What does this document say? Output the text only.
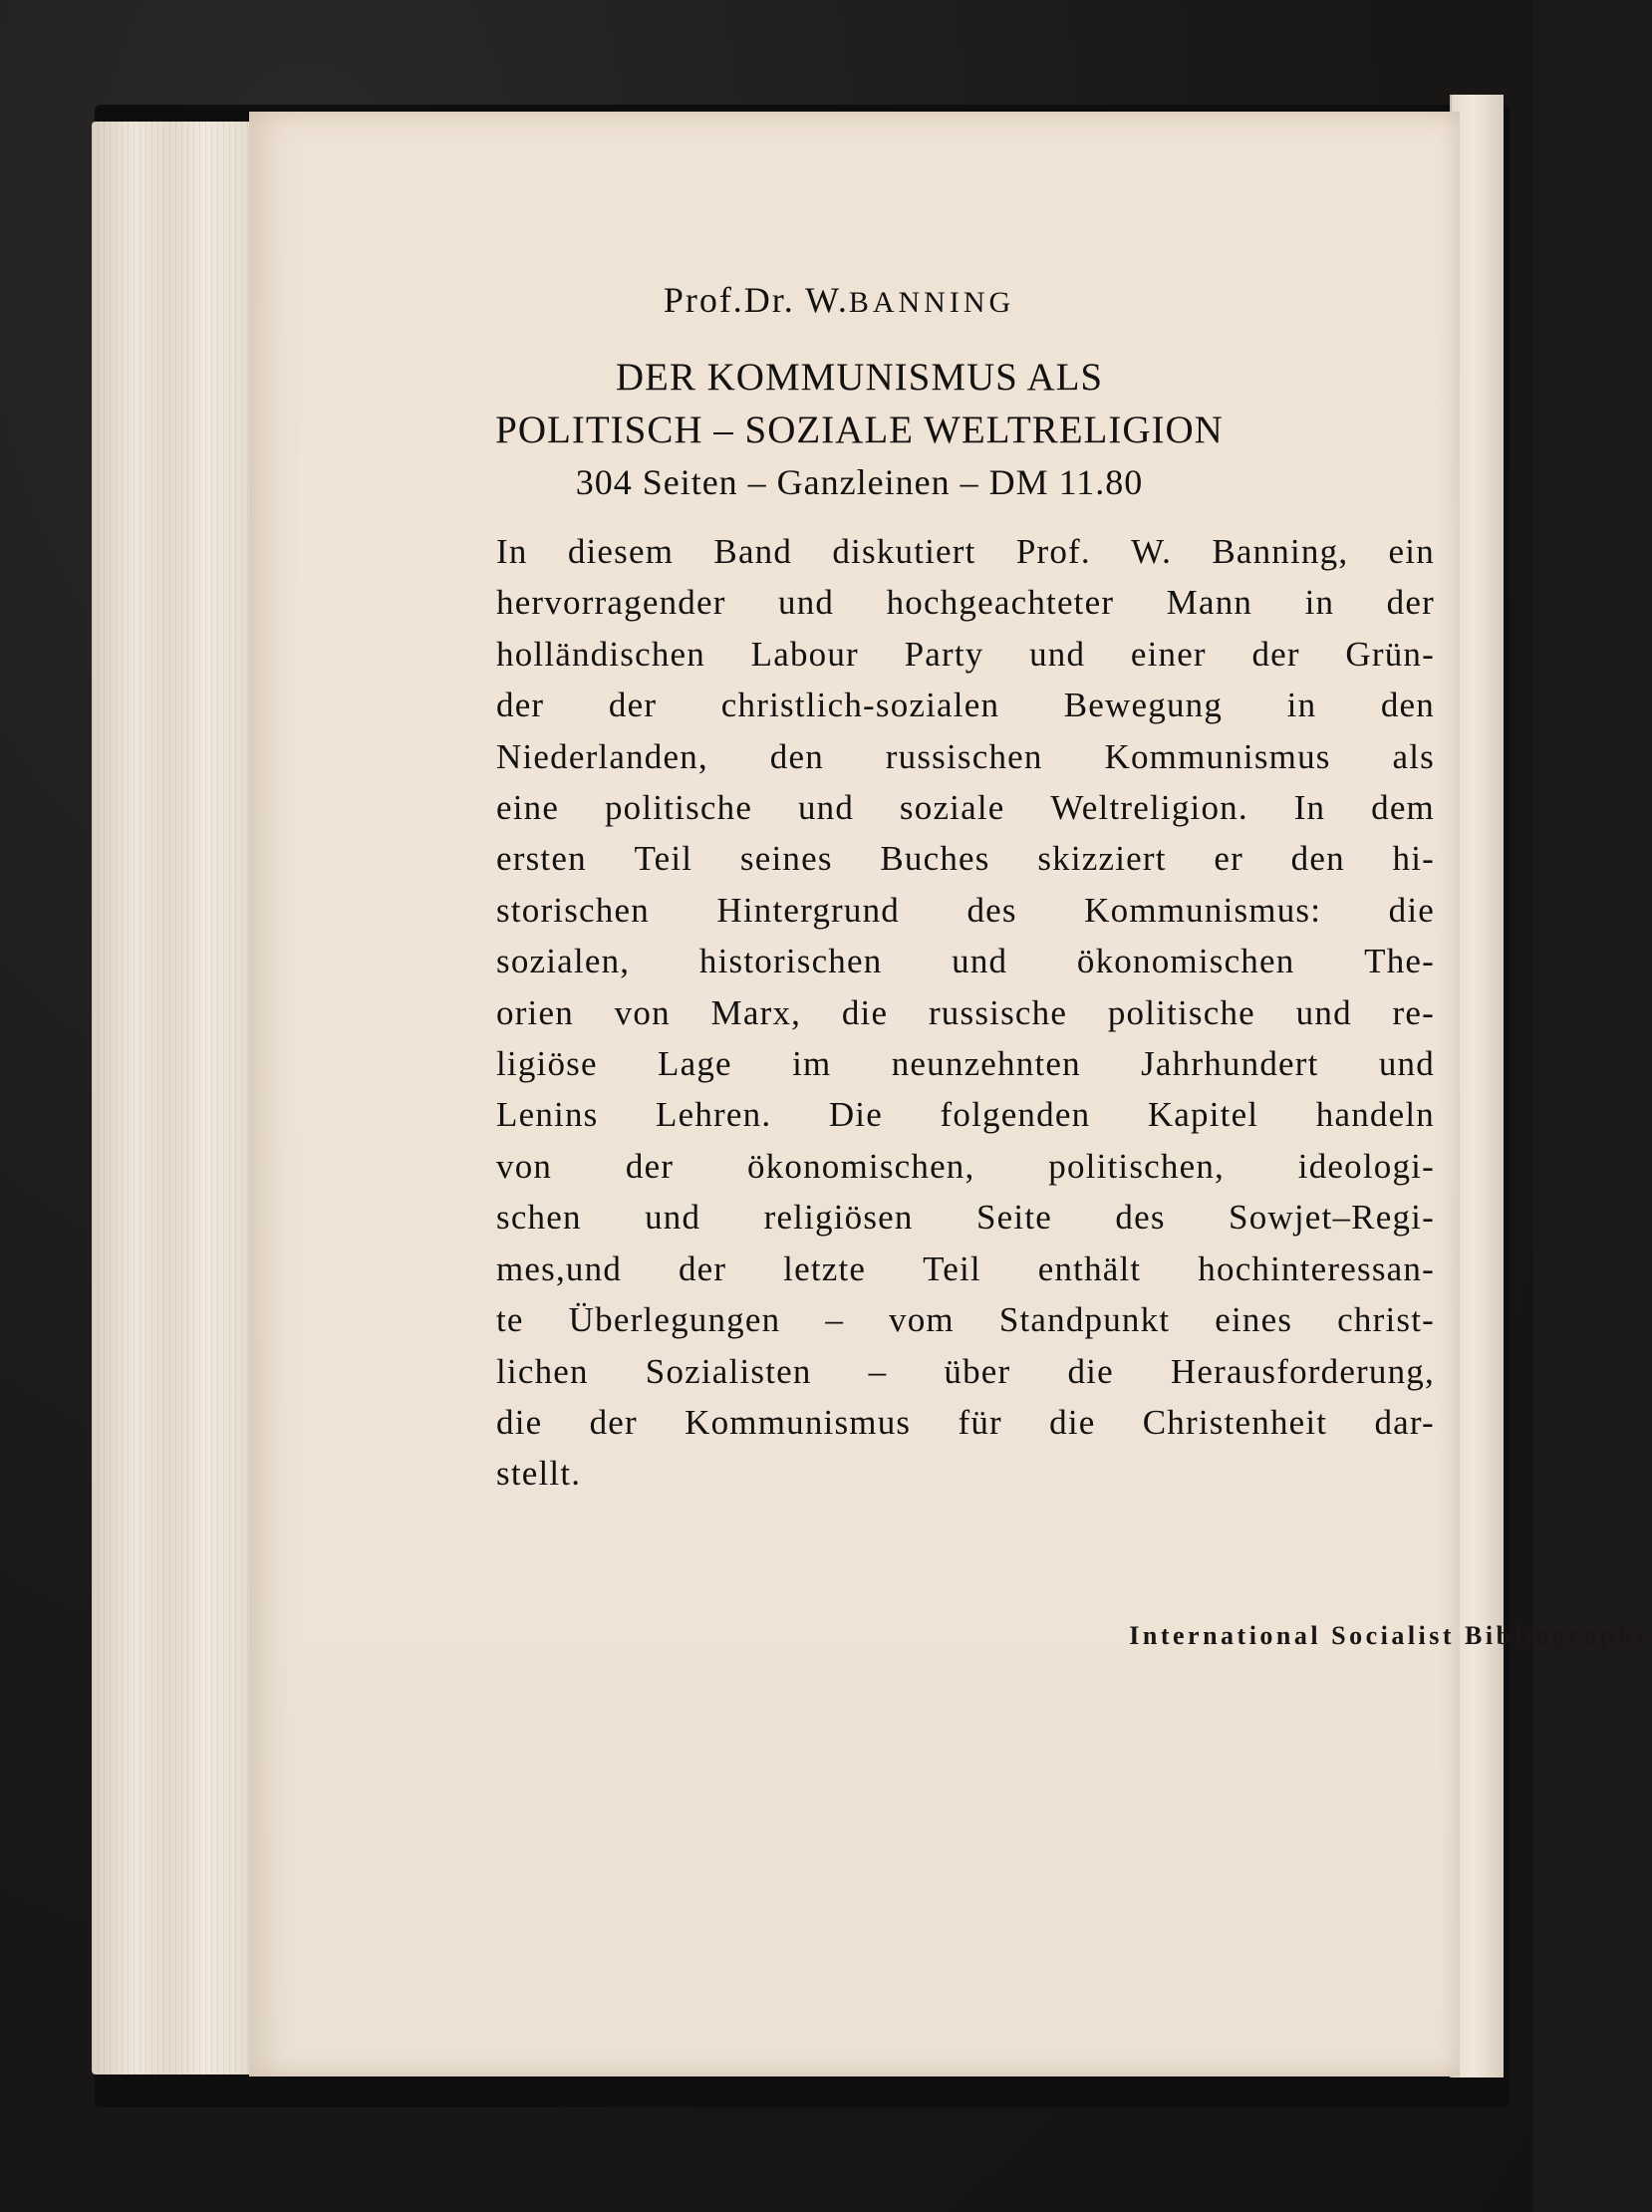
Prof.Dr. W.BANNING
DER KOMMUNISMUS ALS
POLITISCH – SOZIALE WELTRELIGION
304 Seiten – Ganzleinen – DM 11.80
International Socialist Bibliography
In diesem Band diskutiert Prof. W. Banning, ein
hervorragender und hochgeachteter Mann in der
holländischen Labour Party und einer der Grün-
der der christlich-sozialen Bewegung in den
Niederlanden, den russischen Kommunismus als
eine politische und soziale Weltreligion. In dem
ersten Teil seines Buches skizziert er den hi-
storischen Hintergrund des Kommunismus: die
sozialen, historischen und ökonomischen The-
orien von Marx, die russische politische und re-
ligiöse Lage im neunzehnten Jahrhundert und
Lenins Lehren. Die folgenden Kapitel handeln
von der ökonomischen, politischen, ideologi-
schen und religiösen Seite des Sowjet–Regi-
mes,und der letzte Teil enthält hochinteressan-
te Überlegungen – vom Standpunkt eines christ-
lichen Sozialisten – über die Herausforderung,
die der Kommunismus für die Christenheit dar-
stellt.
